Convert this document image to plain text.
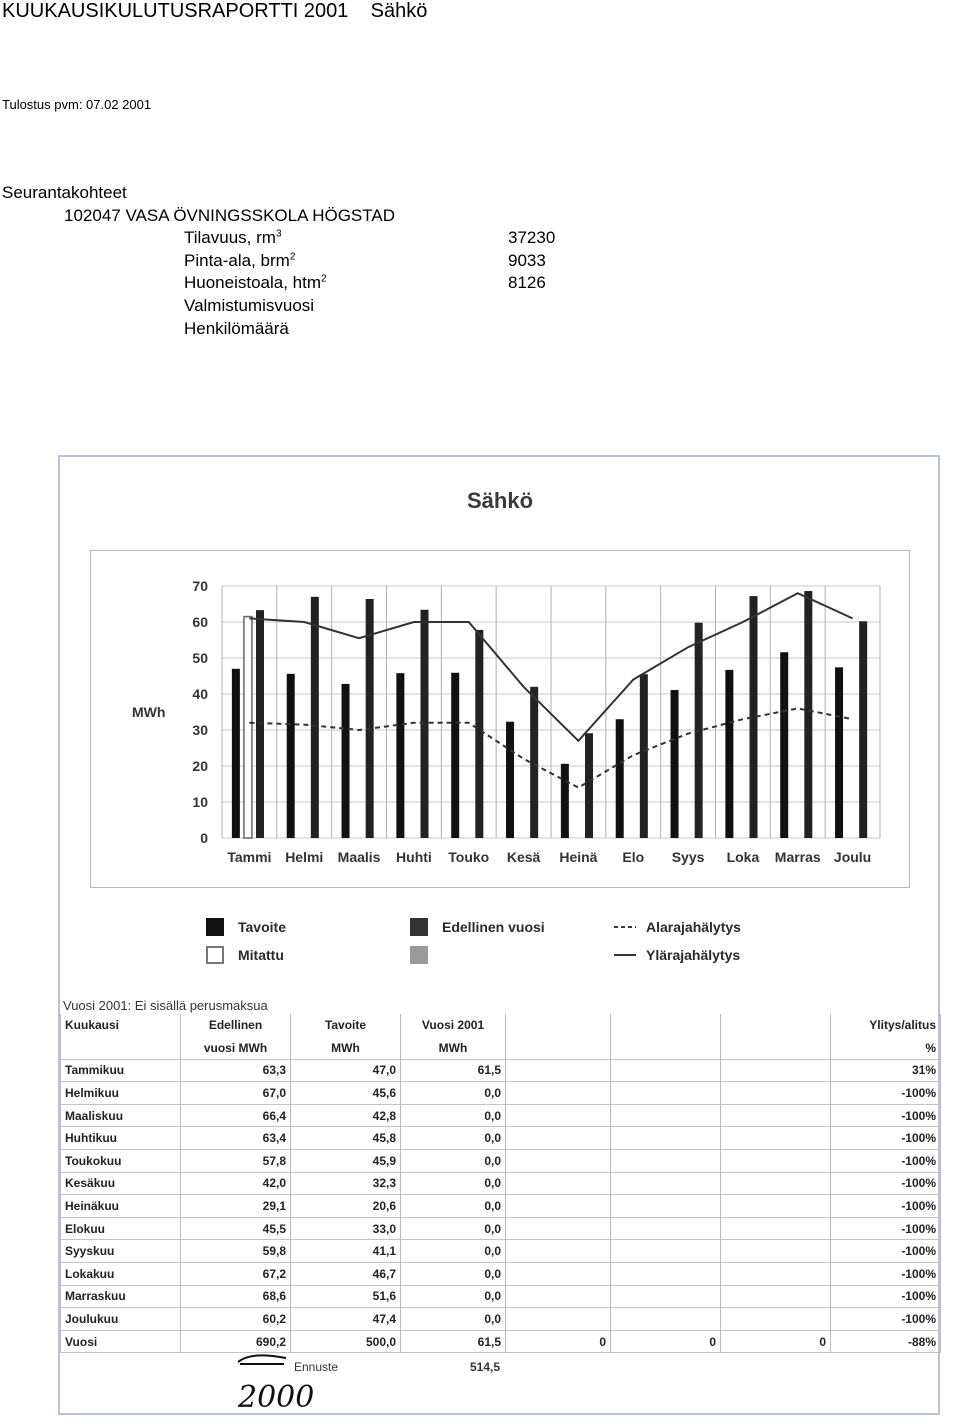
KUUKAUSIKULUTUSRAPORTTI 2001    Sähkö
Tulostus pvm: 07.02 2001
Seurantakohteet
102047 VASA ÖVNINGSSKOLA HÖGSTAD
Tilavuus, $rm^3$	37230
Pinta-ala, brm$^2$	9033
Huoneistoala, htm$^2$	8126
Valmistumisvuosi
Henkilömäärä
Sähkö
0
10
20
30
40
50
60
70
MWh
Tammi Helmi Maalis Huhti Touko Kesä Heinä Elo Syys Loka Marras Joulu
Tavoite
Mitattu
Edellinen vuosi	Alarajahälytys
Ylärajahälytys
Vuosi 2001: Ei sisällä perusmaksua
Kuukausi	Edellinen	Tavoite	Vuosi 2001				Ylitys/alitus
	vuosi MWh	MWh	MWh				%
Tammikuu	63,3	47,0	61,5				31%
Helmikuu	67,0	45,6	0,0				-100%
Maaliskuu	66,4	42,8	0,0				-100%
Huhtikuu	63,4	45,8	0,0				-100%
Toukokuu	57,8	45,9	0,0				-100%
Kesäkuu	42,0	32,3	0,0				-100%
Heinäkuu	29,1	20,6	0,0				-100%
Elokuu	45,5	33,0	0,0				-100%
Syyskuu	59,8	41,1	0,0				-100%
Lokakuu	67,2	46,7	0,0				-100%
Marraskuu	68,6	51,6	0,0				-100%
Joulukuu	60,2	47,4	0,0				-100%
Vuosi	690,2	500,0	61,5	0	0	0	-88%
Ennuste	514,5
2000
